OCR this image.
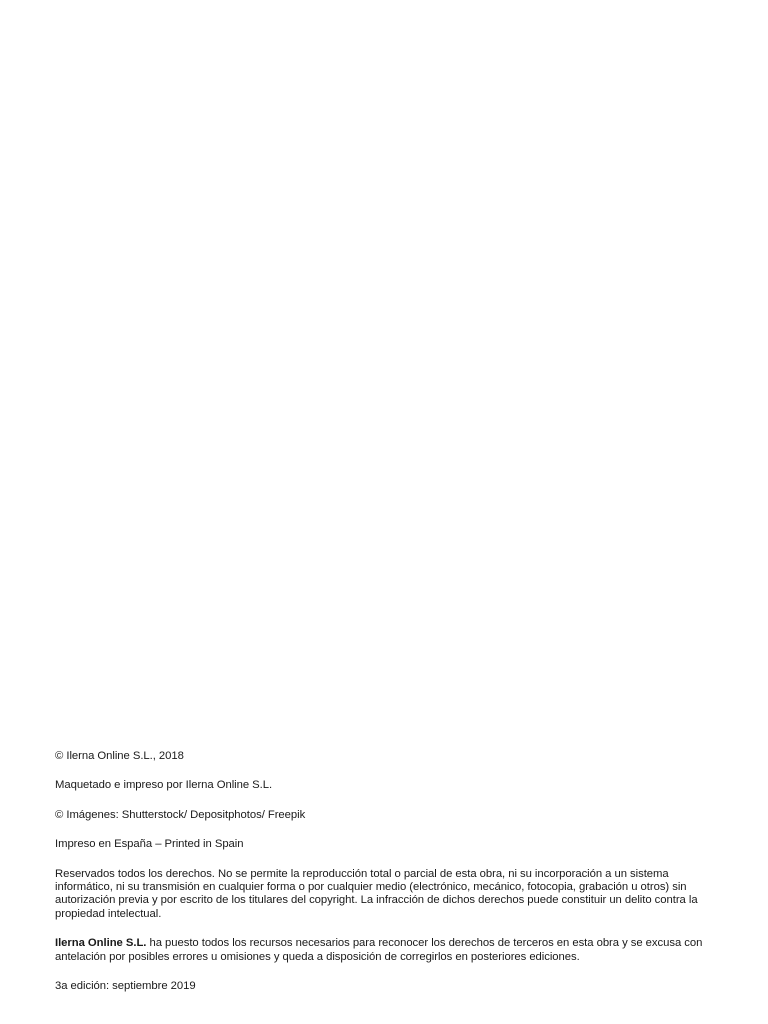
© Ilerna Online S.L., 2018

Maquetado e impreso por Ilerna Online S.L.

© Imágenes: Shutterstock/ Depositphotos/ Freepik

Impreso en España – Printed in Spain

Reservados todos los derechos. No se permite la reproducción total o parcial de esta obra, ni su incorporación a un sistema informático, ni su transmisión en cualquier forma o por cualquier medio (electrónico, mecánico, fotocopia, grabación u otros) sin autorización previa y por escrito de los titulares del copyright. La infracción de dichos derechos puede constituir un delito contra la propiedad intelectual.

Ilerna Online S.L. ha puesto todos los recursos necesarios para reconocer los derechos de terceros en esta obra y se excusa con antelación por posibles errores u omisiones y queda a disposición de corregirlos en posteriores ediciones.

3a edición: septiembre 2019
